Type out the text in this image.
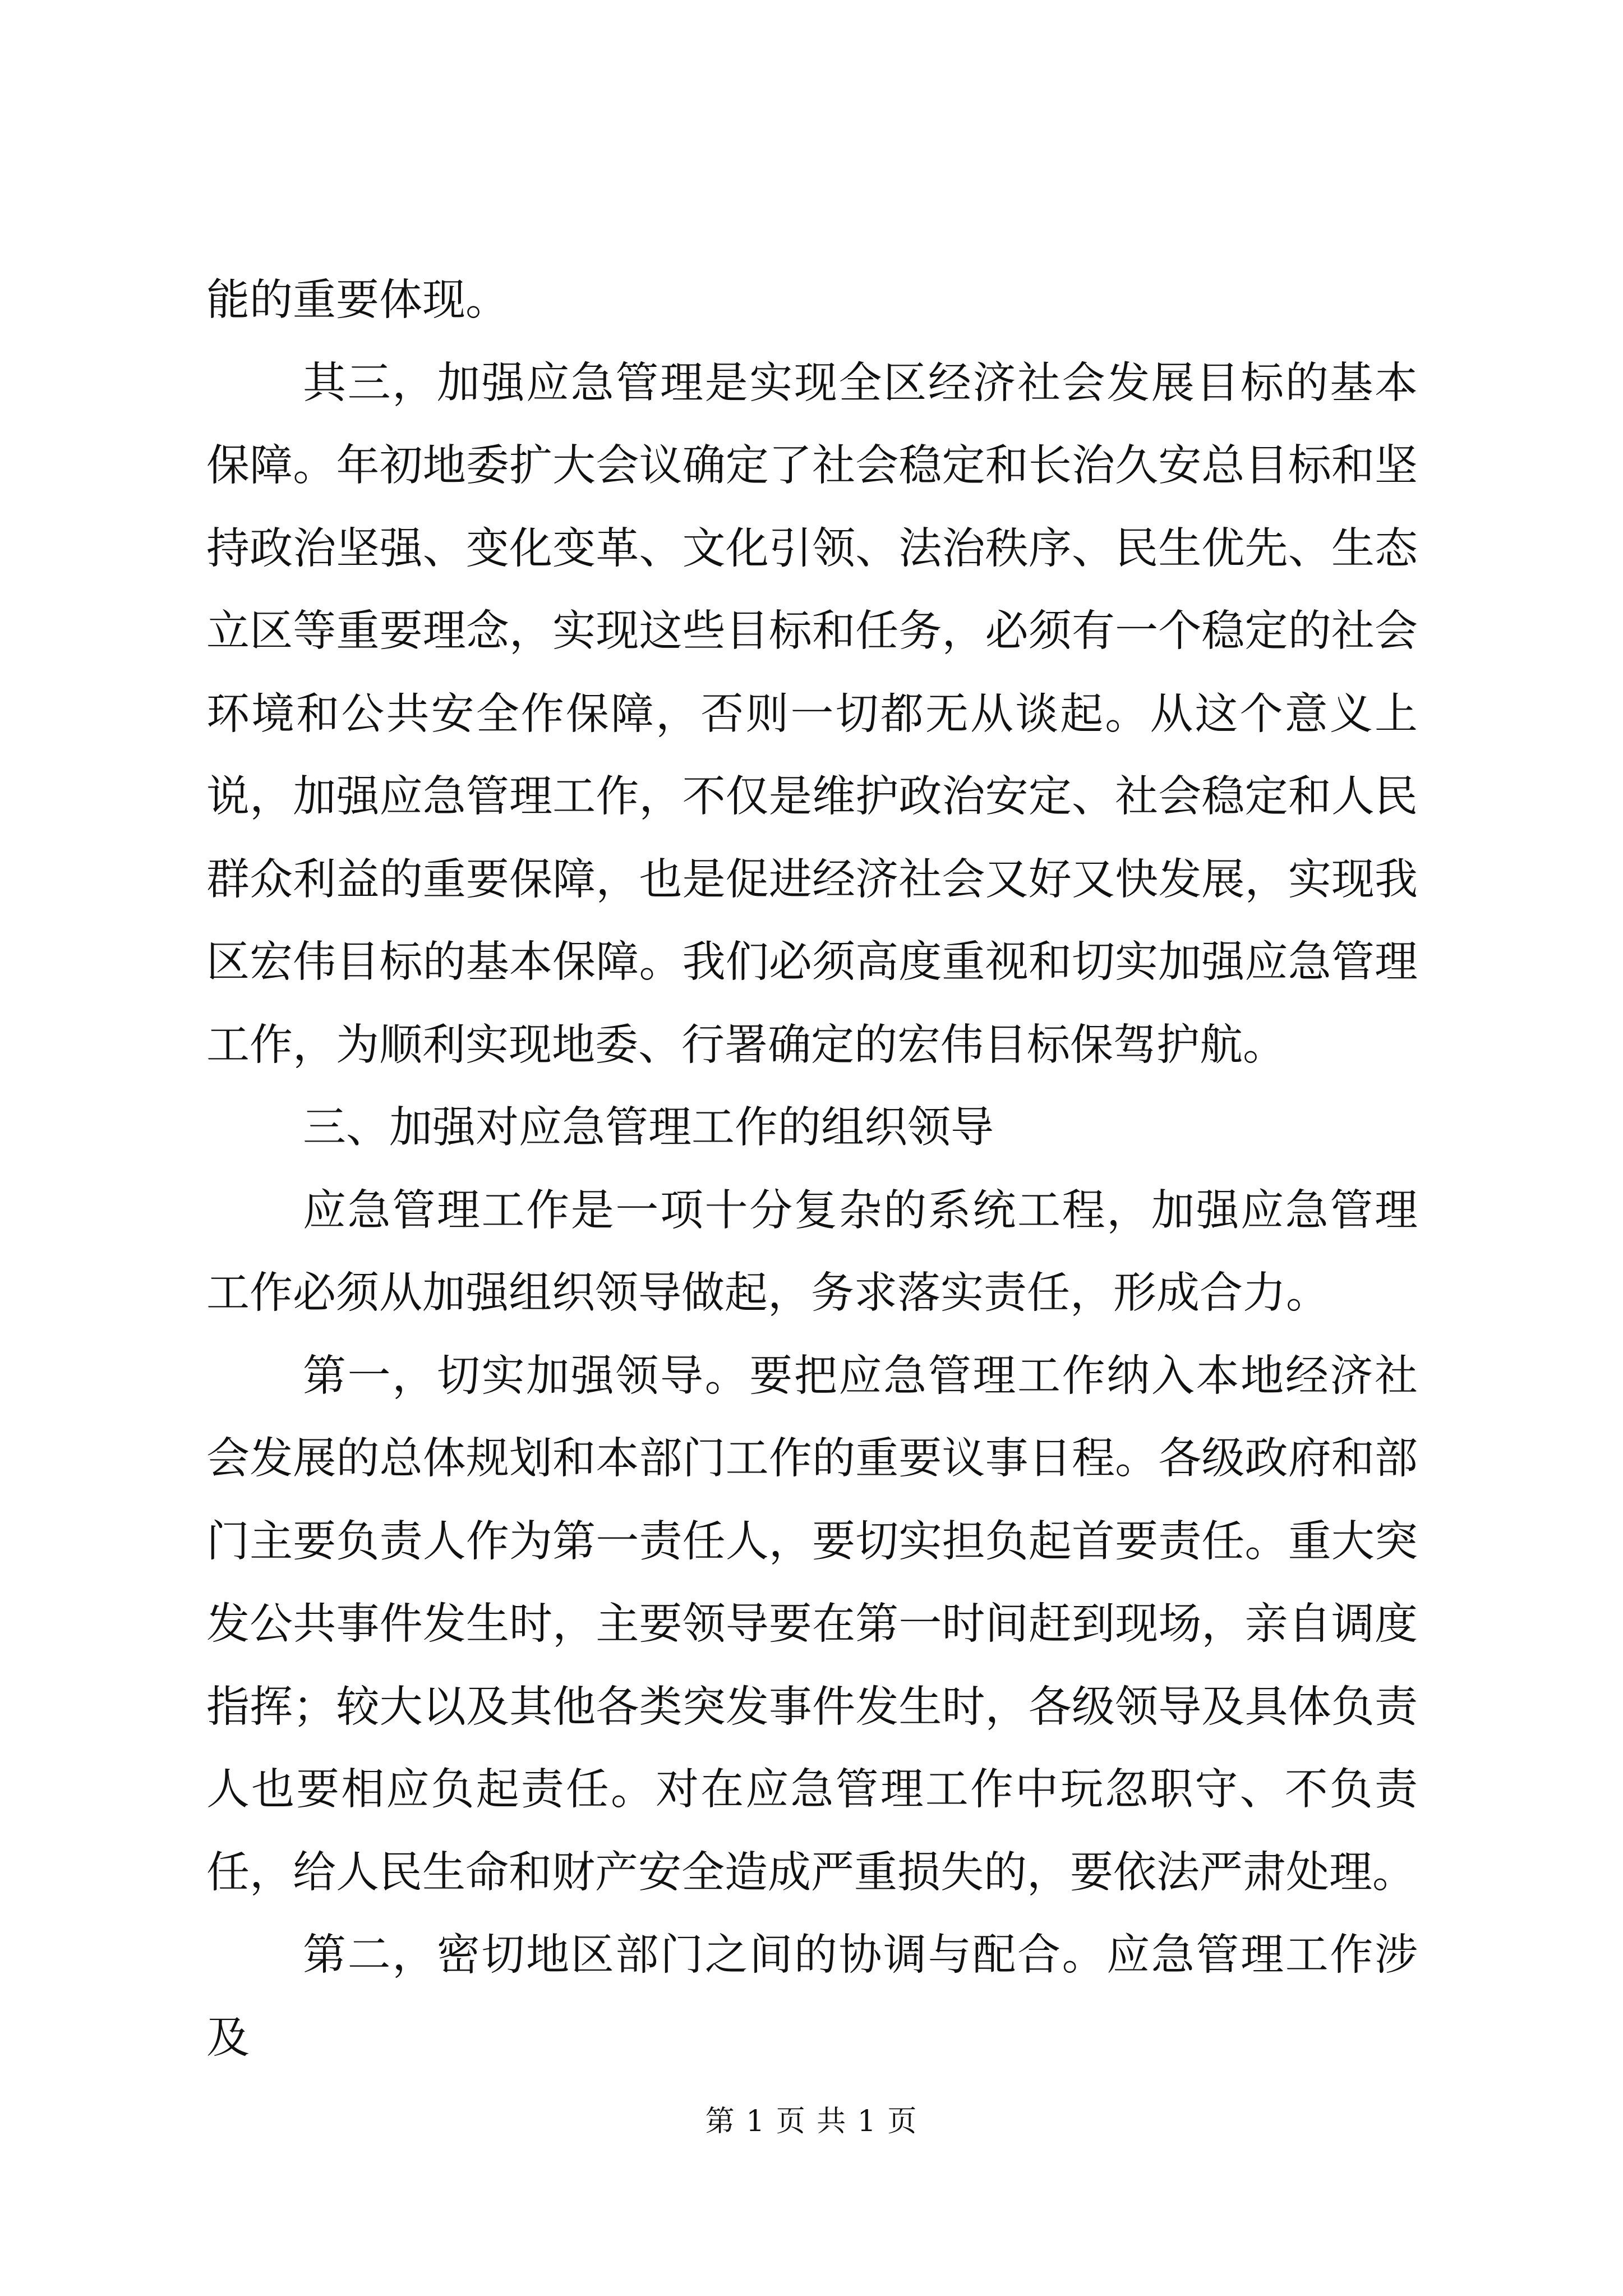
能的重要体现。

其三，加强应急管理是实现全区经济社会发展目标的基本保障。年初地委扩大会议确定了社会稳定和长治久安总目标和坚持政治坚强、变化变革、文化引领、法治秩序、民生优先、生态立区等重要理念，实现这些目标和任务，必须有一个稳定的社会环境和公共安全作保障，否则一切都无从谈起。从这个意义上说，加强应急管理工作，不仅是维护政治安定、社会稳定和人民群众利益的重要保障，也是促进经济社会又好又快发展，实现我区宏伟目标的基本保障。我们必须高度重视和切实加强应急管理工作，为顺利实现地委、行署确定的宏伟目标保驾护航。

三、加强对应急管理工作的组织领导

应急管理工作是一项十分复杂的系统工程，加强应急管理工作必须从加强组织领导做起，务求落实责任，形成合力。

第一，切实加强领导。要把应急管理工作纳入本地经济社会发展的总体规划和本部门工作的重要议事日程。各级政府和部门主要负责人作为第一责任人，要切实担负起首要责任。重大突发公共事件发生时，主要领导要在第一时间赶到现场，亲自调度指挥；较大以及其他各类突发事件发生时，各级领导及具体负责人也要相应负起责任。对在应急管理工作中玩忽职守、不负责任，给人民生命和财产安全造成严重损失的，要依法严肃处理。

第二，密切地区部门之间的协调与配合。应急管理工作涉及

第 1 页 共 1 页
